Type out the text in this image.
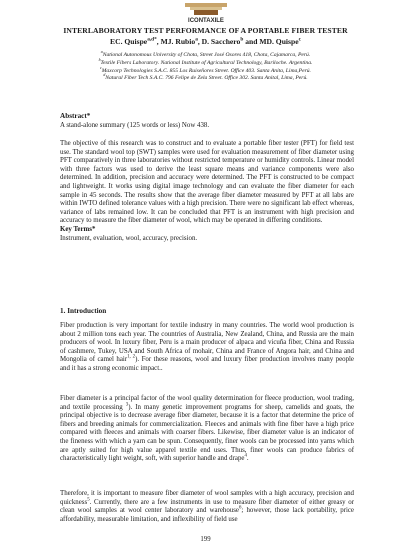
ICONTAXILE
INTERLABORATORY TEST PERFORMANCE OF A PORTABLE FIBER TESTER
EC. Quispe$^{a,d*}$, MJ. Rubio$^a$, D. Sacchero$^b$ and MD. Quispe$^c$
$^a$National Autonomous University of Chota, Street José Osores 418, Chota, Cajamarca, Perú.
$^b$Textile Fibers Laboratory. National Institute of Agricultural Technology, Bariloche. Argentina.
$^c$Maxcorp Technologies S.A.C. 855 Los Ruiseñores Street. Office 403. Santa Anita, Lima,Perú.
$^d$Natural Fiber Tech S.A.C. 796 Felipe de Zela Street. Office 302. Santa Anital, Lima, Perú.
Abstract*
A stand-alone summary (125 words or less) Now 438.

The objective of this research was to construct and to evaluate a portable fiber tester (PFT) for field test use. The standard wool top (SWT) samples were used for evaluation measurement of fiber diameter using PFT comparatively in three laboratories without restricted temperature or humidity controls. Linear model with three factors was used to derive the least square means and variance components were also determined. In addition, precision and accuracy were determined. The PFT is constructed to be compact and lightweight. It works using digital image technology and can evaluate the fiber diameter for each sample in 45 seconds. The results show that the average fiber diameter measured by PFT at all labs are within IWTO defined tolerance values with a high precision. There were no significant lab effect whereas, variance of labs remained low. It can be concluded that PFT is an instrument with high precision and accuracy to measure the fiber diameter of wool, which may be operated in differing conditions.

Key Terms*

Instrument, evaluation, wool, accuracy, precision.

1. Introduction

Fiber production is very important for textile industry in many countries. The world wool production is about 2 million tons each year. The countries of Australia, New Zealand, China, and Russia are the main producers of wool. In luxury fiber, Peru is a main producer of alpaca and vicuña fiber, China and Russia of cashmere, Tukey, USA and South Africa of mohair, China and France of Angora hair, and China and Mongolia of camel hair$^{1, 2}$). For these reasons, wool and luxury fiber production involves many people and it has a strong economic impact..

Fiber diameter is a principal factor of the wool quality determination for fleece production, wool trading, and textile processing $^3$). In many genetic improvement programs for sheep, camelids and goats, the principal objective is to decrease average fiber diameter, because it is a factor that determine the price of fibers and breeding animals for commercialization. Fleeces and animals with fine fiber have a high price compared with fleeces and animals with coarser fibers. Likewise, fiber diameter value is an indicator of the fineness with which a yarn can be spun. Consequently, finer wools can be processed into yarns which are aptly suited for high value apparel textile end uses. Thus, finer wools can produce fabrics of characteristically light weight, soft, with superior handle and drape$^4$.

Therefore, it is important to measure fiber diameter of wool samples with a high accuracy, precision and quickness$^5$. Currently, there are a few instruments in use to measure fiber diameter of either greasy or clean wool samples at wool center laboratory and warehouse$^6$; however, those lack portability, price affordability, measurable limitation, and inflexibility of field use

199
